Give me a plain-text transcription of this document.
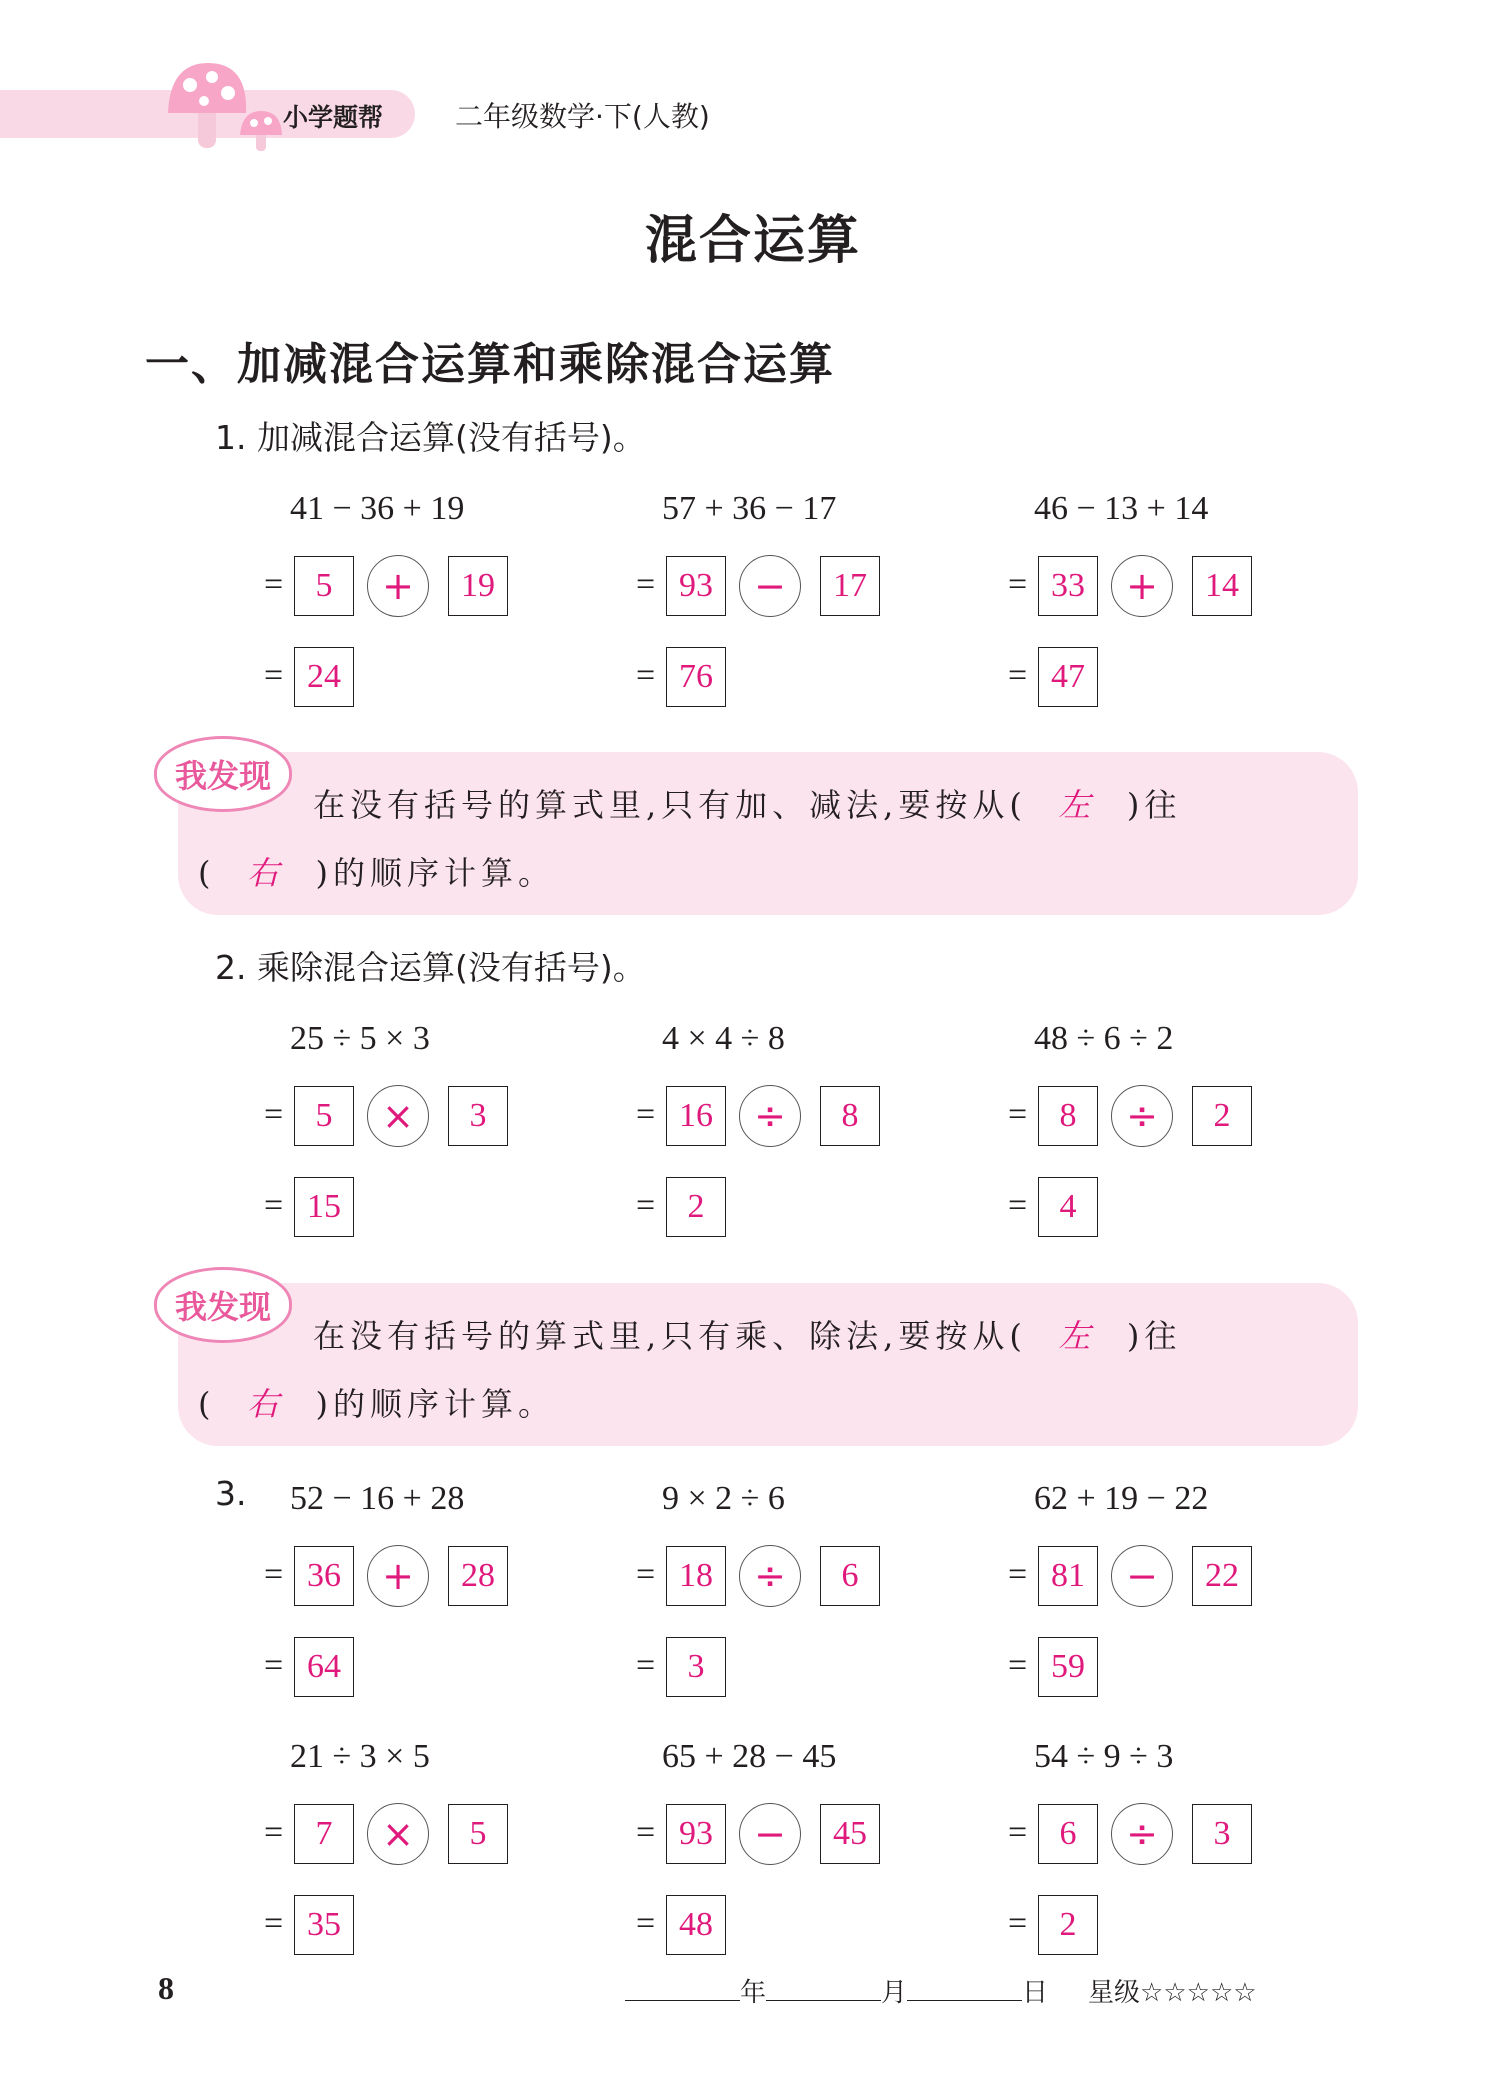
小学题帮	二年级数学·下(人教)
混合运算
一、加减混合运算和乘除混合运算
1. 加减混合运算(没有括号)。
2. 乘除混合运算(没有括号)。
3.
41 − 36 + 19
= 5	+	19
= 24
57 + 36 − 17
= 93	−	17
= 76
46 − 13 + 14
= 33	+	14
= 47
25 ÷ 5 × 3
= 5	×	3
= 15
4 × 4 ÷ 8
= 16	÷	8
= 2
48 ÷ 6 ÷ 2
= 8	÷	2
= 4
52 − 16 + 28
= 36	+	28
= 64
9 × 2 ÷ 6
= 18	÷	6
= 3
62 + 19 − 22
= 81	−	22
= 59
21 ÷ 3 × 5
= 7	×	5
= 35
65 + 28 − 45
= 93	−	45
= 48
54 ÷ 9 ÷ 3
= 6	÷	3
= 2
我发现
在没有括号的算式里,只有加、减法,要按从( 左 )往
( 右 )的顺序计算。
我发现
在没有括号的算式里,只有乘、除法,要按从( 左 )往
( 右 )的顺序计算。
8	年	月	日 星级☆☆☆☆☆
